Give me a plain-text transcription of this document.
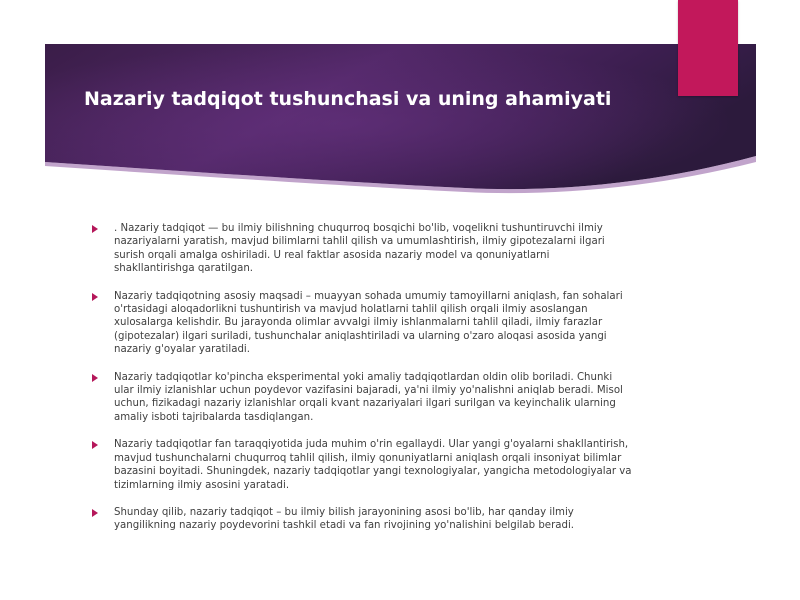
Nazariy tadqiqot tushunchasi va uning ahamiyati
. Nazariy tadqiqot — bu ilmiy bilishning chuqurroq bosqichi bo'lib, voqelikni tushuntiruvchi ilmiy nazariyalarni yaratish, mavjud bilimlarni tahlil qilish va umumlashtirish, ilmiy gipotezalarni ilgari surish orqali amalga oshiriladi. U real faktlar asosida nazariy model va qonuniyatlarni shakllantirishga qaratilgan.
Nazariy tadqiqotning asosiy maqsadi – muayyan sohada umumiy tamoyillarni aniqlash, fan sohalari o'rtasidagi aloqadorlikni tushuntirish va mavjud holatlarni tahlil qilish orqali ilmiy asoslangan xulosalarga kelishdir. Bu jarayonda olimlar avvalgi ilmiy ishlanmalarni tahlil qiladi, ilmiy farazlar (gipotezalar) ilgari suriladi, tushunchalar aniqlashtiriladi va ularning o'zaro aloqasi asosida yangi nazariy g'oyalar yaratiladi.
Nazariy tadqiqotlar ko'pincha eksperimental yoki amaliy tadqiqotlardan oldin olib boriladi. Chunki ular ilmiy izlanishlar uchun poydevor vazifasini bajaradi, ya'ni ilmiy yo'nalishni aniqlab beradi. Misol uchun, fizikadagi nazariy izlanishlar orqali kvant nazariyalari ilgari surilgan va keyinchalik ularning amaliy isboti tajribalarda tasdiqlangan.
Nazariy tadqiqotlar fan taraqqiyotida juda muhim o'rin egallaydi. Ular yangi g'oyalarni shakllantirish, mavjud tushunchalarni chuqurroq tahlil qilish, ilmiy qonuniyatlarni aniqlash orqali insoniyat bilimlar bazasini boyitadi. Shuningdek, nazariy tadqiqotlar yangi texnologiyalar, yangicha metodologiyalar va tizimlarning ilmiy asosini yaratadi.
Shunday qilib, nazariy tadqiqot – bu ilmiy bilish jarayonining asosi bo'lib, har qanday ilmiy yangilikning nazariy poydevorini tashkil etadi va fan rivojining yo'nalishini belgilab beradi.
